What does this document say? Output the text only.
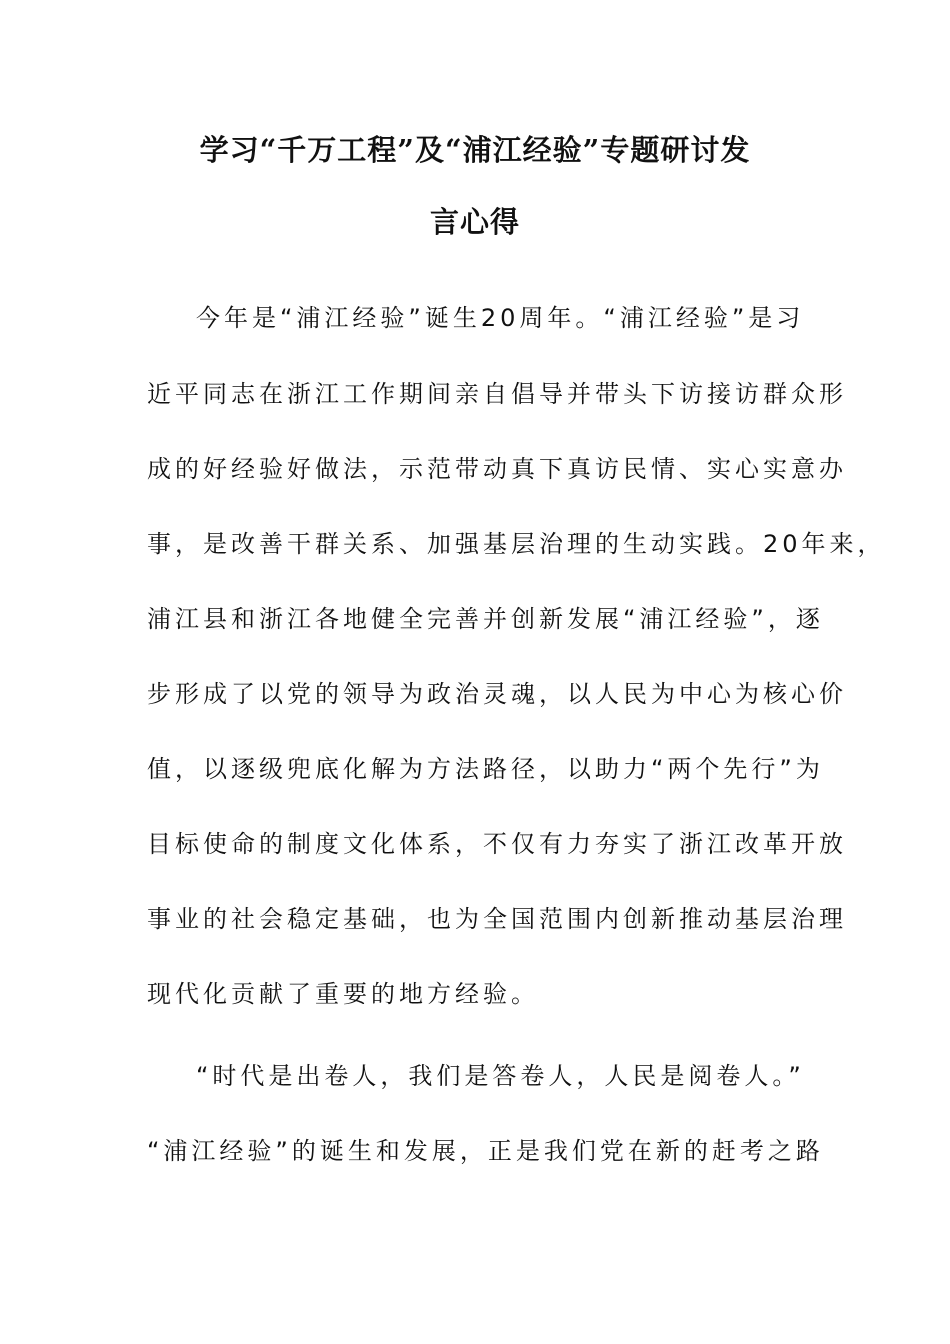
学习“千万工程”及“浦江经验”专题研讨发
言心得
今年是“浦江经验”诞生20周年。“浦江经验”是习
近平同志在浙江工作期间亲自倡导并带头下访接访群众形
成的好经验好做法，示范带动真下真访民情、实心实意办
事，是改善干群关系、加强基层治理的生动实践。20年来，
浦江县和浙江各地健全完善并创新发展“浦江经验”，逐
步形成了以党的领导为政治灵魂，以人民为中心为核心价
值，以逐级兜底化解为方法路径，以助力“两个先行”为
目标使命的制度文化体系，不仅有力夯实了浙江改革开放
事业的社会稳定基础，也为全国范围内创新推动基层治理
现代化贡献了重要的地方经验。
“时代是出卷人，我们是答卷人，人民是阅卷人。”
“浦江经验”的诞生和发展，正是我们党在新的赶考之路
